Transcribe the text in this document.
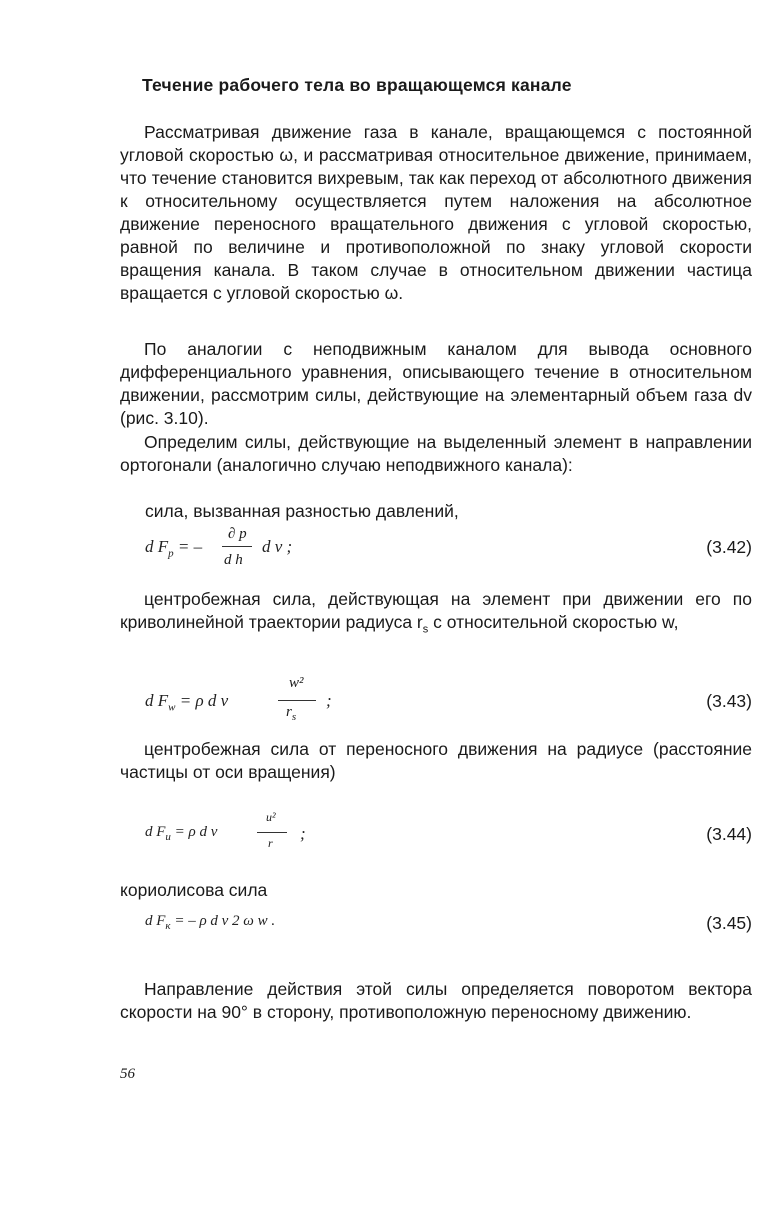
Течение рабочего тела во вращающемся канале

Рассматривая движение газа в канале, вращающемся с постоянной угловой скоростью ω, и рассматривая относительное движение, принимаем, что течение становится вихревым, так как переход от абсолютного движения к относительному осуществляется путем наложения на абсолютное движение переносного вращательного движения с угловой скоростью, равной по величине и противоположной по знаку угловой скорости вращения канала. В таком случае в относительном движении частица вращается с угловой скоростью ω.

По аналогии с неподвижным каналом для вывода основного дифференциального уравнения, описывающего течение в относительном движении, рассмотрим силы, действующие на элементарный объем газа dv (рис. 3.10).

Определим силы, действующие на выделенный элемент в направлении ортогонали (аналогично случаю неподвижного канала):

сила, вызванная разностью давлений,
d $F_p$ = –
∂ p
d h
d v ;	(3.42)

центробежная сила, действующая на элемент при движении его по криволинейной траектории радиуса $r_s$ с относительной скоростью w,

d $F_w = \rho$ d v
w²
$r_s$
;	(3.43)

центробежная сила от переносного движения на радиусе (расстояние частицы от оси вращения)

d $F_u = \rho$ d v
u²
r ;	(3.44)
кориолисова сила
d $F_к$ = – ρ d v 2 ω w .	(3.45)

Направление действия этой силы определяется поворотом вектора скорости на 90° в сторону, противоположную переносному движению.

56
